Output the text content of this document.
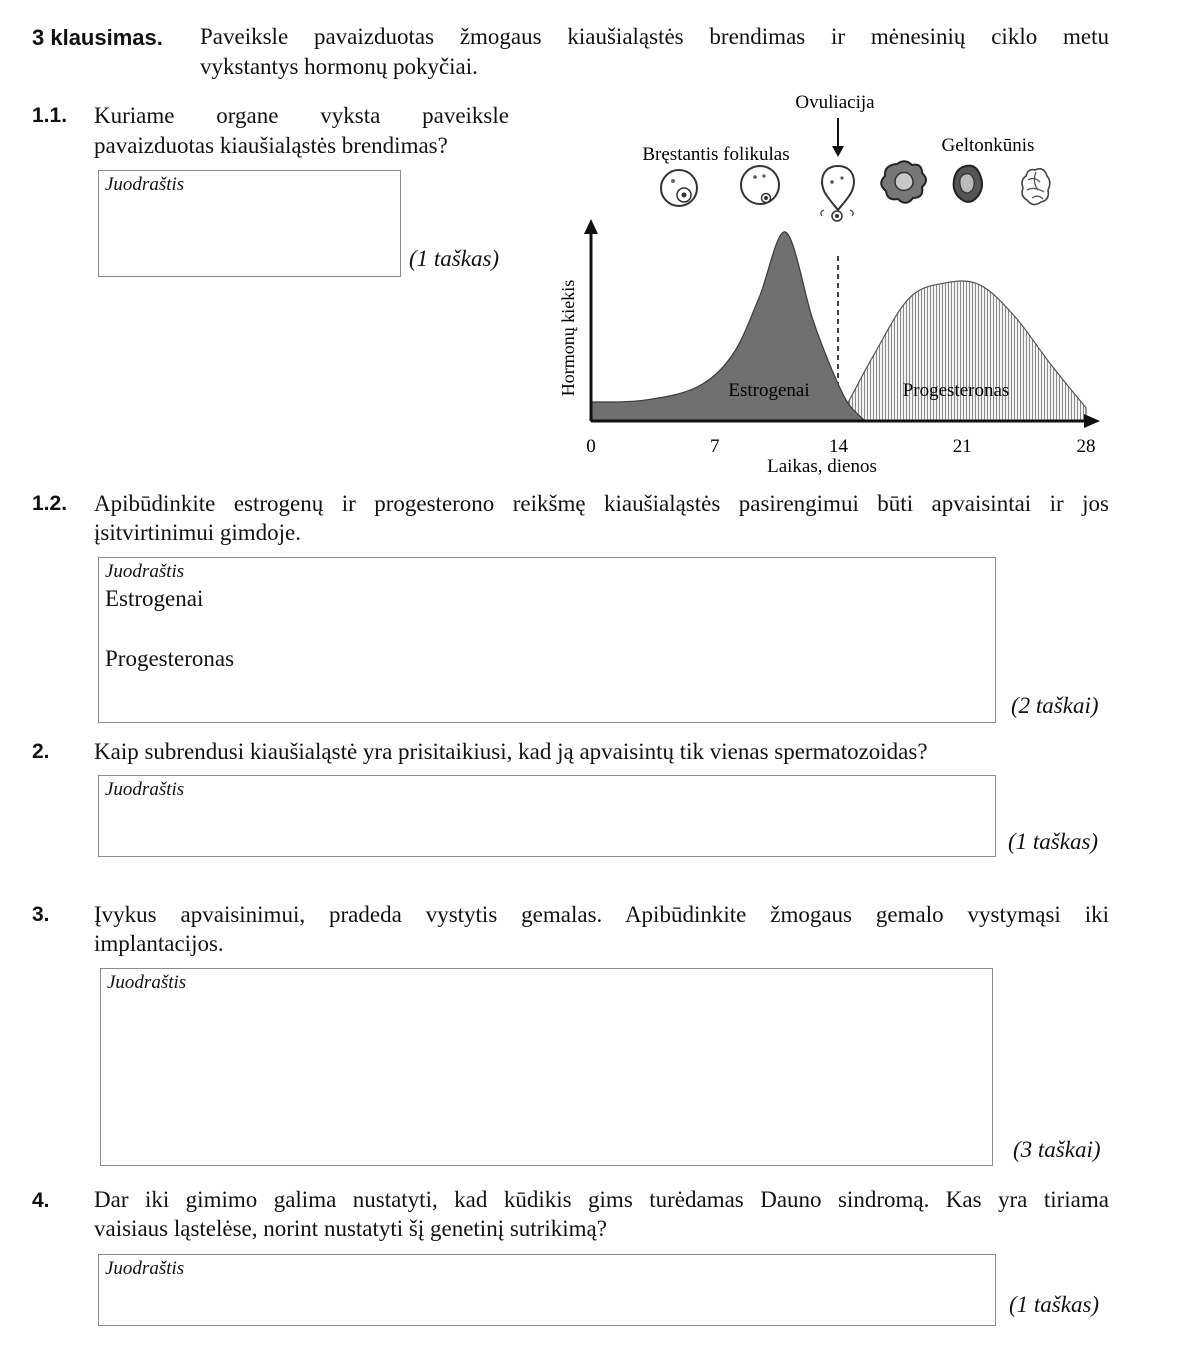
3 klausimas. Paveiksle pavaizduotas žmogaus kiaušialąstės brendimas ir mėnesinių ciklo metu
vykstantys hormonų pokyčiai.
1.1. Kuriame organe vyksta paveiksle
pavaizduotas kiaušialąstės brendimas?
Juodraštis
(1 taškas)
Ovuliacija
Bręstantis folikulas	Geltonkūnis
Estrogenai	Progesteronas
0	7	14	21	28
Hormonų kiekis
Laikas, dienos
1.2. Apibūdinkite estrogenų ir progesterono reikšmę kiaušialąstės pasirengimui būti apvaisintai ir jos
įsitvirtinimui gimdoje.
Juodraštis
Estrogenai
Progesteronas
(2 taškai)
2. Kaip subrendusi kiaušialąstė yra prisitaikiusi, kad ją apvaisintų tik vienas spermatozoidas?
Juodraštis
(1 taškas)
3. Įvykus apvaisinimui, pradeda vystytis gemalas. Apibūdinkite žmogaus gemalo vystymąsi iki
implantacijos.
Juodraštis
(3 taškai)
4. Dar iki gimimo galima nustatyti, kad kūdikis gims turėdamas Dauno sindromą. Kas yra tiriama
vaisiaus ląstelėse, norint nustatyti šį genetinį sutrikimą?
Juodraštis
(1 taškas)
